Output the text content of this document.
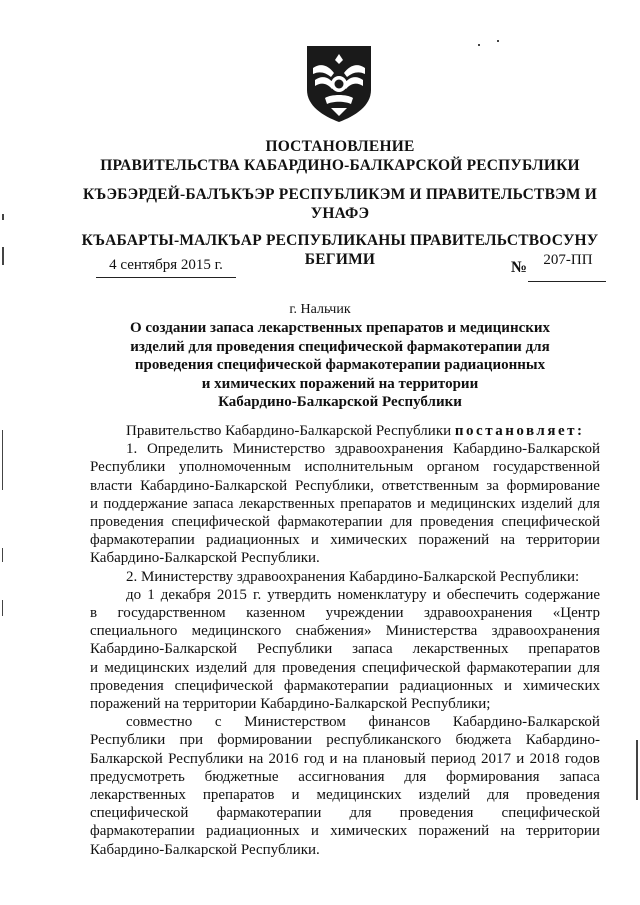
ПОСТАНОВЛЕНИЕ
ПРАВИТЕЛЬСТВА КАБАРДИНО-БАЛКАРСКОЙ РЕСПУБЛИКИ
КЪЭБЭРДЕЙ-БАЛЪКЪЭР РЕСПУБЛИКЭМ И ПРАВИТЕЛЬСТВЭМ И
УНАФЭ
КЪАБАРТЫ-МАЛКЪАР РЕСПУБЛИКАНЫ ПРАВИТЕЛЬСТВОСУНУ
БЕГИМИ
4 сентября 2015 г.	№	207-ПП
г. Нальчик
О создании запаса лекарственных препаратов и медицинских
изделий для проведения специфической фармакотерапии для
проведения специфической фармакотерапии радиационных
и химических поражений на территории
Кабардино-Балкарской Республики
Правительство Кабардино-Балкарской Республики постановляет:
1. Определить Министерство здравоохранения Кабардино-Балкарской
Республики уполномоченным исполнительным органом государственной
власти Кабардино-Балкарской Республики, ответственным за формирование
и поддержание запаса лекарственных препаратов и медицинских изделий для
проведения специфической фармакотерапии для проведения специфической
фармакотерапии радиационных и химических поражений на территории
Кабардино-Балкарской Республики.
2. Министерству здравоохранения Кабардино-Балкарской Республики:
до 1 декабря 2015 г. утвердить номенклатуру и обеспечить содержание
в государственном казенном учреждении здравоохранения «Центр
специального медицинского снабжения» Министерства здравоохранения
Кабардино-Балкарской Республики запаса лекарственных препаратов
и медицинских изделий для проведения специфической фармакотерапии для
проведения специфической фармакотерапии радиационных и химических
поражений на территории Кабардино-Балкарской Республики;
совместно с Министерством финансов Кабардино-Балкарской
Республики при формировании республиканского бюджета Кабардино-
Балкарской Республики на 2016 год и на плановый период 2017 и 2018 годов
предусмотреть бюджетные ассигнования для формирования запаса
лекарственных препаратов и медицинских изделий для проведения
специфической фармакотерапии для проведения специфической
фармакотерапии радиационных и химических поражений на территории
Кабардино-Балкарской Республики.
